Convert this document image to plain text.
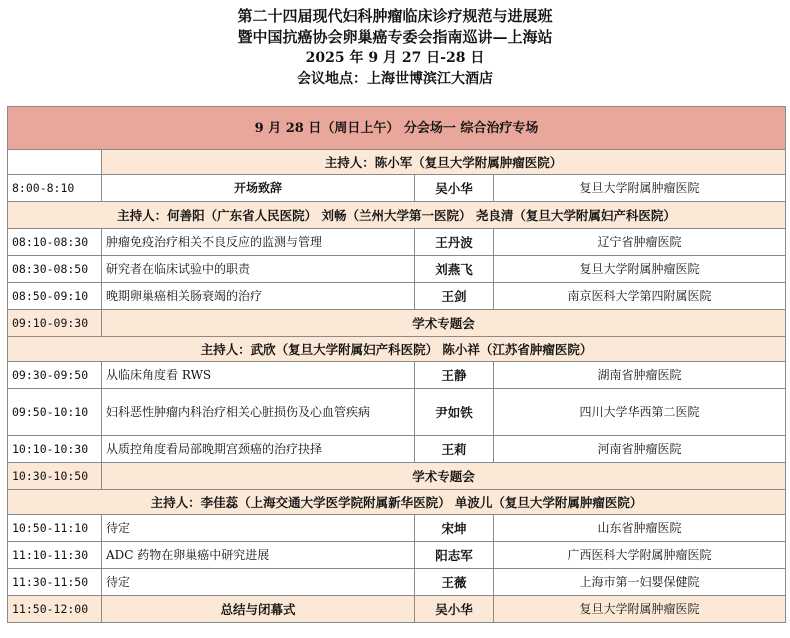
第二十四届现代妇科肿瘤临床诊疗规范与进展班
暨中国抗癌协会卵巢癌专委会指南巡讲—上海站
2025 年 9 月 27 日-28 日
会议地点：上海世博滨江大酒店
9 月 28 日（周日上午） 分会场一 综合治疗专场			
	主持人：陈小军（复旦大学附属肿瘤医院）		
8:00-8:10	开场致辞	吴小华	复旦大学附属肿瘤医院
主持人：何善阳（广东省人民医院） 刘畅（兰州大学第一医院） 尧良清（复旦大学附属妇产科医院）			
08:10-08:30	肿瘤免疫治疗相关不良反应的监测与管理	王丹波	辽宁省肿瘤医院
08:30-08:50	研究者在临床试验中的职责	刘燕飞	复旦大学附属肿瘤医院
08:50-09:10	晚期卵巢癌相关肠衰竭的治疗	王剑	南京医科大学第四附属医院
09:10-09:30	学术专题会		
主持人：武欣（复旦大学附属妇产科医院） 陈小祥（江苏省肿瘤医院）			
09:30-09:50	从临床角度看 RWS	王静	湖南省肿瘤医院
09:50-10:10	妇科恶性肿瘤内科治疗相关心脏损伤及心血管疾病	尹如铁	四川大学华西第二医院
10:10-10:30	从质控角度看局部晚期宫颈癌的治疗抉择	王莉	河南省肿瘤医院
10:30-10:50	学术专题会		
主持人：李佳蕊（上海交通大学医学院附属新华医院） 单波儿（复旦大学附属肿瘤医院）			
10:50-11:10	待定	宋坤	山东省肿瘤医院
11:10-11:30	ADC 药物在卵巢癌中研究进展	阳志军	广西医科大学附属肿瘤医院
11:30-11:50	待定	王薇	上海市第一妇婴保健院
11:50-12:00	总结与闭幕式	吴小华	复旦大学附属肿瘤医院
